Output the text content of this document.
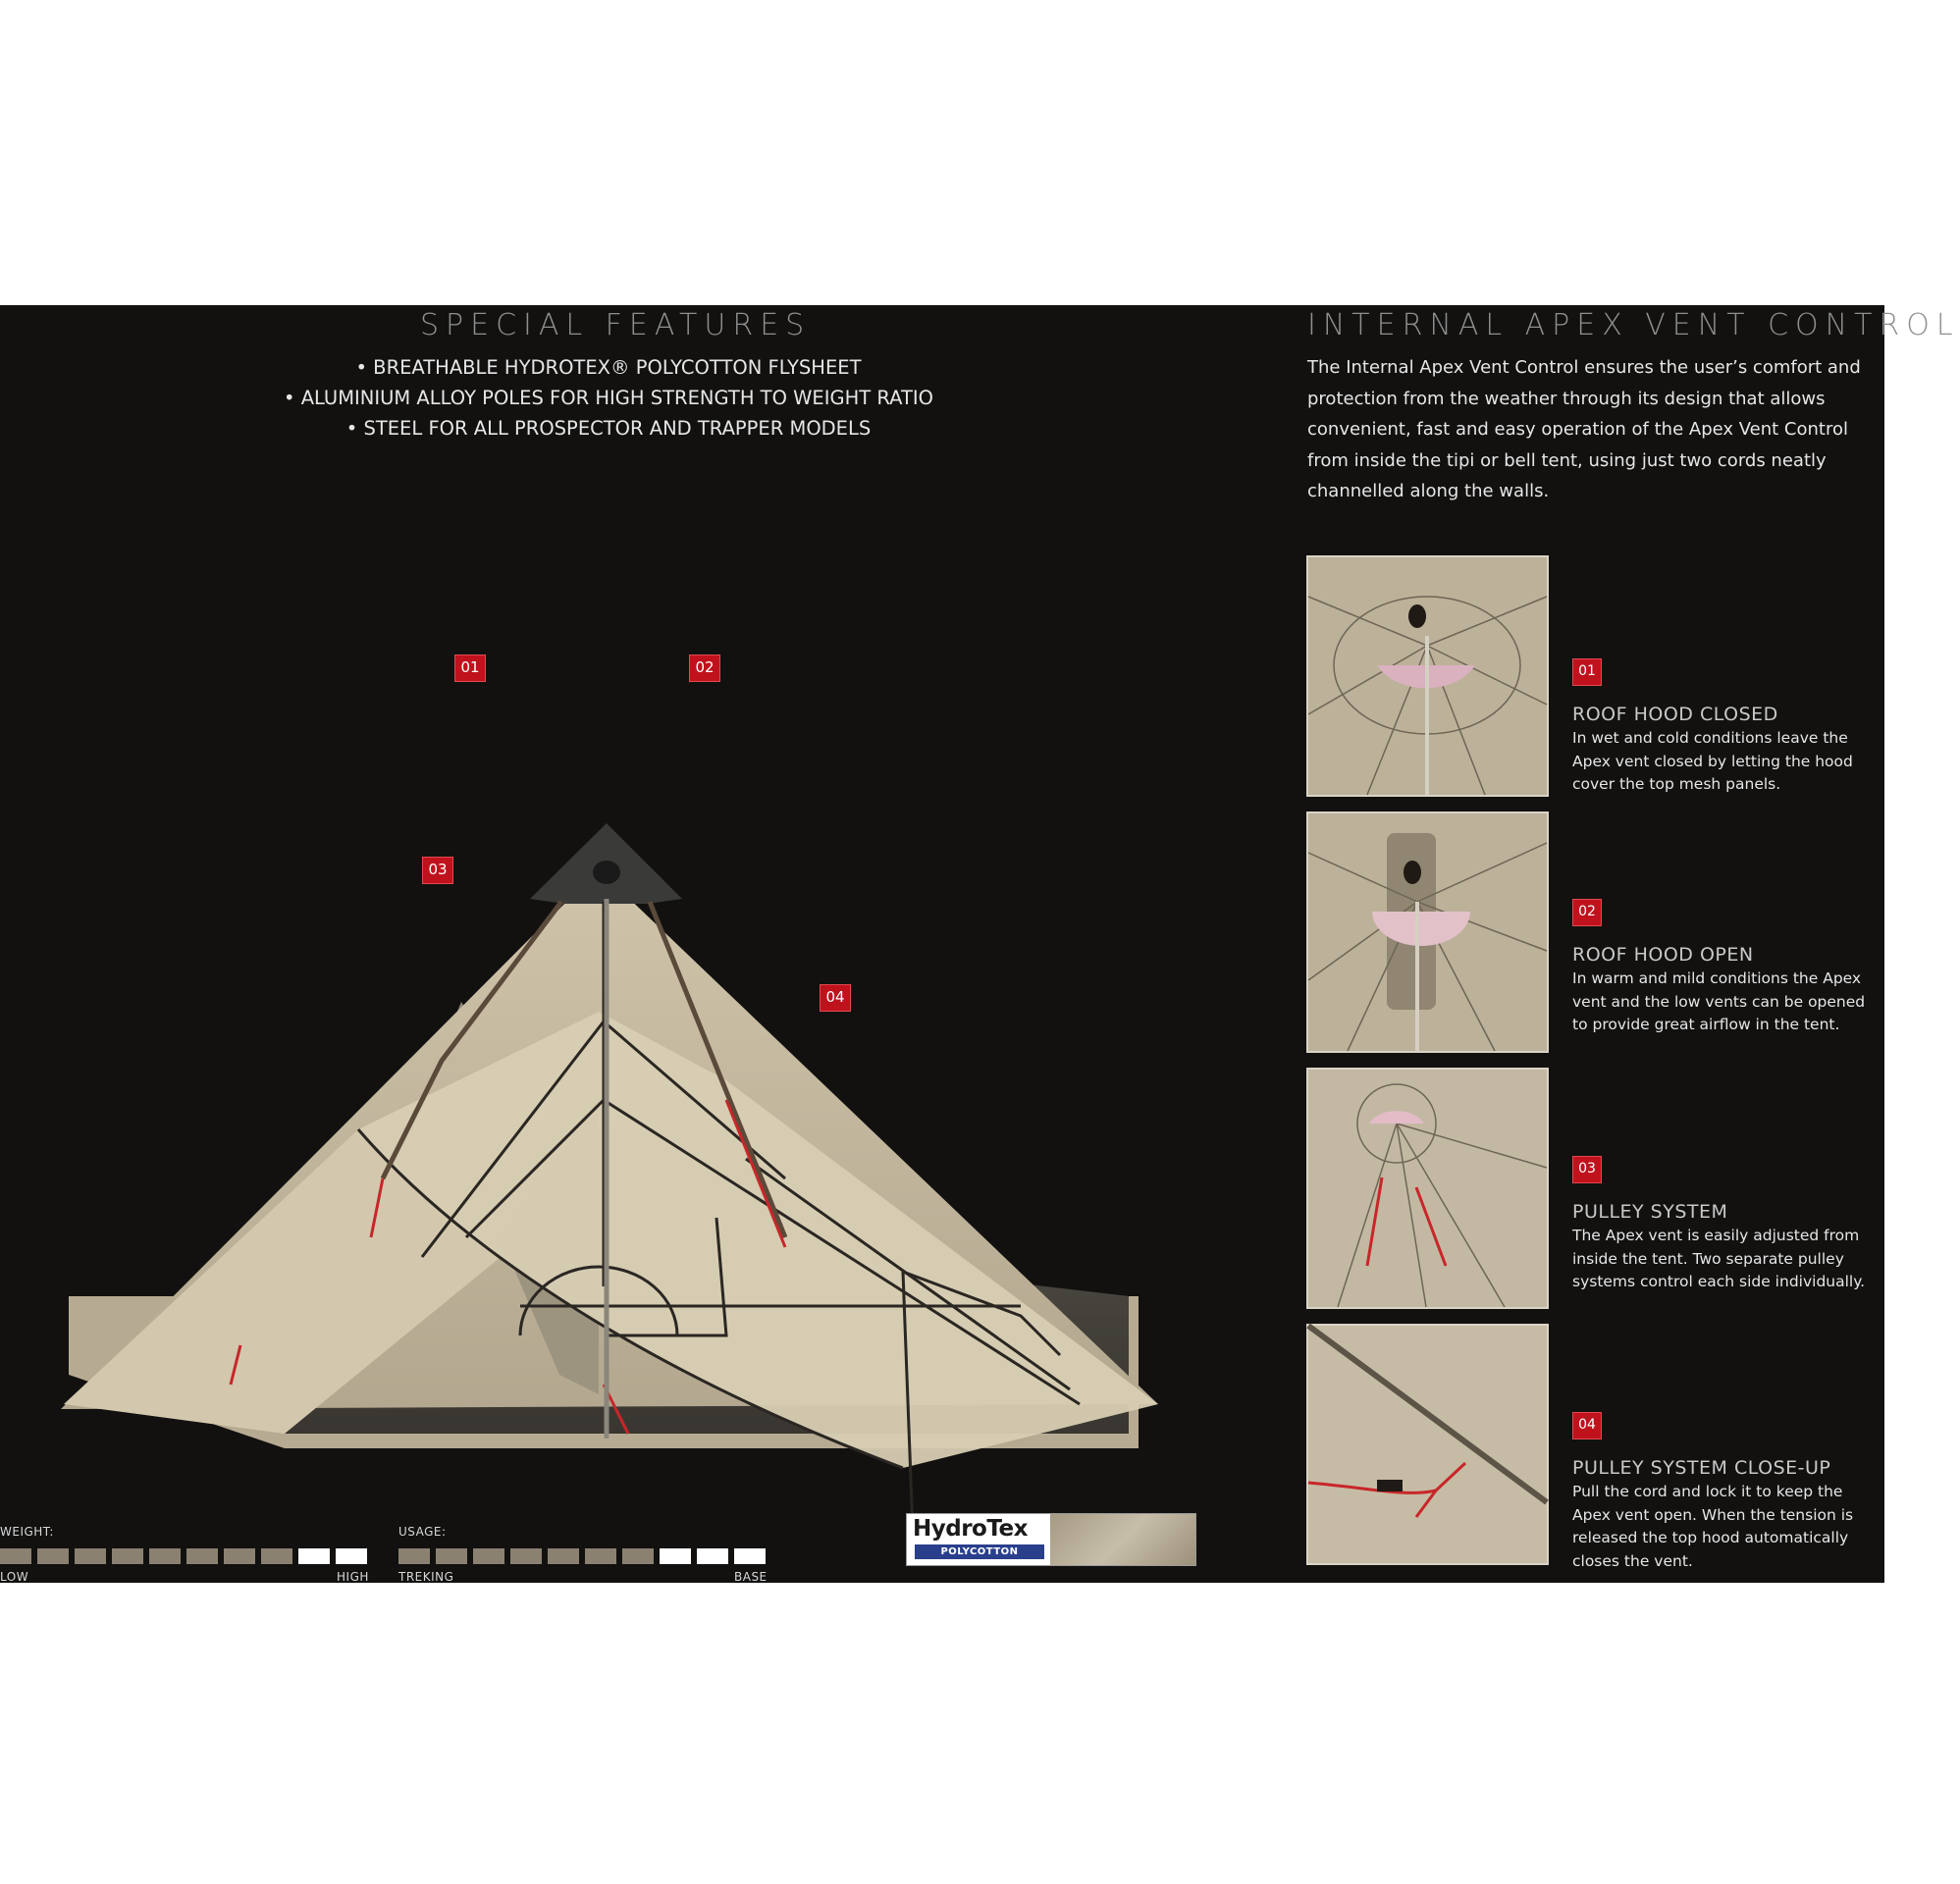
SPECIAL FEATURES
• BREATHABLE HYDROTEX® POLYCOTTON FLYSHEET
• ALUMINIUM ALLOY POLES FOR HIGH STRENGTH TO WEIGHT RATIO
• STEEL FOR ALL PROSPECTOR AND TRAPPER MODELS
INTERNAL APEX VENT CONTROL
The Internal Apex Vent Control ensures the user’s comfort and protection from the weather through its design that allows convenient, fast and easy operation of the Apex Vent Control from inside the tipi or bell tent, using just two cords neatly channelled along the walls.
01	02
03
04
01
ROOF HOOD CLOSED
In wet and cold conditions leave the Apex vent closed by letting the hood cover the top mesh panels.
02
ROOF HOOD OPEN
In warm and mild conditions the Apex vent and the low vents can be opened to provide great airflow in the tent.
03
PULLEY SYSTEM
The Apex vent is easily adjusted from inside the tent. Two separate pulley systems control each side individually.
04
PULLEY SYSTEM CLOSE-UP
Pull the cord and lock it to keep the Apex vent open. When the tension is released the top hood automatically closes the vent.
WEIGHT:
LOW	HIGH
USAGE:
TREKING	BASE
HydroTex
POLYCOTTON
